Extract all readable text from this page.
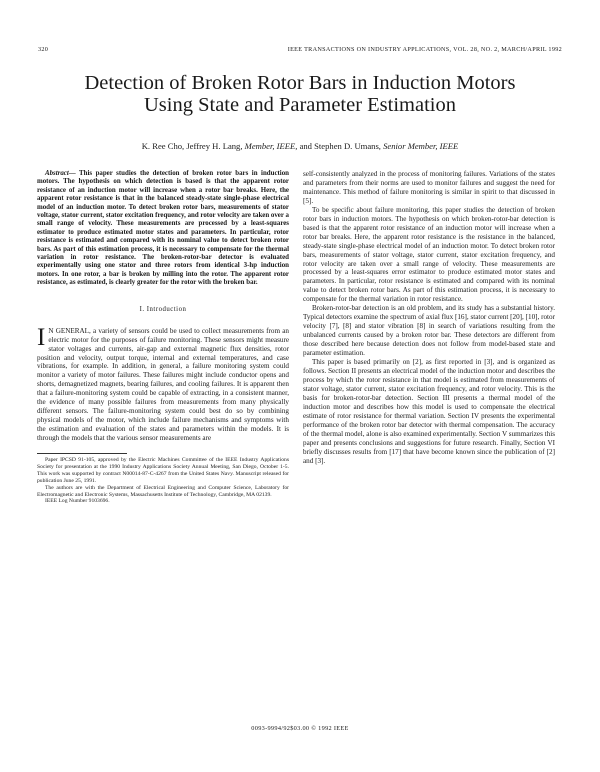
320	IEEE TRANSACTIONS ON INDUSTRY APPLICATIONS, VOL. 28, NO. 2, MARCH/APRIL 1992
Detection of Broken Rotor Bars in Induction Motors Using State and Parameter Estimation
K. Ree Cho, Jeffrey H. Lang, Member, IEEE, and Stephen D. Umans, Senior Member, IEEE

Abstract— This paper studies the detection of broken rotor bars in induction motors. The hypothesis on which detection is based is that the apparent rotor resistance of an induction motor will increase when a rotor bar breaks. Here, the apparent rotor resistance is that in the balanced steady-state single-phase electrical model of an induction motor. To detect broken rotor bars, measurements of stator voltage, stator current, stator excitation frequency, and rotor velocity are taken over a small range of velocity. These measurements are processed by a least-squares estimator to produce estimated motor states and parameters. In particular, rotor resistance is estimated and compared with its nominal value to detect broken rotor bars. As part of this estimation process, it is necessary to compensate for the thermal variation in rotor resistance. The broken-rotor-bar detector is evaluated experimentally using one stator and three rotors from identical 3-hp induction motors. In one rotor, a bar is broken by milling into the rotor. The apparent rotor resistance, as estimated, is clearly greater for the rotor with the broken bar.

I. Introduction

I N GENERAL, a variety of sensors could be used to collect measurements from an electric motor for the purposes of failure monitoring. These sensors might measure stator voltages and currents, air-gap and external magnetic flux densities, rotor position and velocity, output torque, internal and external temperatures, and case vibrations, for example. In addition, in general, a failure monitoring system could monitor a variety of motor failures. These failures might include conductor opens and shorts, demagnetized magnets, bearing failures, and cooling failures. It is apparent then that a failure-monitoring system could be capable of extracting, in a consistent manner, the evidence of many possible failures from measurements from many physically different sensors. The failure-monitoring system could best do so by combining physical models of the motor, which include failure mechanisms and symptoms with the estimation and evaluation of the states and parameters within the models. It is through the models that the various sensor measurements are

Paper IPCSD 91-105, approved by the Electric Machines Committee of the IEEE Industry Applications Society for presentation at the 1990 Industry Applications Society Annual Meeting, San Diego, October 1-5. This work was supported by contract N00014-87-C-4267 from the United States Navy. Manuscript released for publication June 25, 1991.

The authors are with the Department of Electrical Engineering and Computer Science, Laboratory for Electromagnetic and Electronic Systems, Massachusetts Institute of Technology, Cambridge, MA 02139.

IEEE Log Number 9103696.

self-consistently analyzed in the process of monitoring failures. Variations of the states and parameters from their norms are used to monitor failures and suggest the need for maintenance. This method of failure monitoring is similar in spirit to that discussed in [5].

To be specific about failure monitoring, this paper studies the detection of broken rotor bars in induction motors. The hypothesis on which broken-rotor-bar detection is based is that the apparent rotor resistance of an induction motor will increase when a rotor bar breaks. Here, the apparent rotor resistance is the resistance in the balanced, steady-state single-phase electrical model of an induction motor. To detect broken rotor bars, measurements of stator voltage, stator current, stator excitation frequency, and rotor velocity are taken over a small range of velocity. These measurements are processed by a least-squares error estimator to produce estimated motor states and parameters. In particular, rotor resistance is estimated and compared with its nominal value to detect broken rotor bars. As part of this estimation process, it is necessary to compensate for the thermal variation in rotor resistance.

Broken-rotor-bar detection is an old problem, and its study has a substantial history. Typical detectors examine the spectrum of axial flux [16], stator current [20], [10], rotor velocity [7], [8] and stator vibration [8] in search of variations resulting from the unbalanced currents caused by a broken rotor bar. These detectors are different from those described here because detection does not follow from model-based state and parameter estimation.

This paper is based primarily on [2], as first reported in [3], and is organized as follows. Section II presents an electrical model of the induction motor and describes the process by which the rotor resistance in that model is estimated from measurements of stator voltage, stator current, stator excitation frequency, and rotor velocity. This is the basis for broken-rotor-bar detection. Section III presents a thermal model of the induction motor and describes how this model is used to compensate the electrical estimate of rotor resistance for thermal variation. Section IV presents the experimental performance of the broken rotor bar detector with thermal compensation. The accuracy of the thermal model, alone is also examined experimentally. Section V summarizes this paper and presents conclusions and suggestions for future research. Finally, Section VI briefly discusses results from [17] that have become known since the publication of [2] and [3].

0093-9994/92$03.00 © 1992 IEEE
